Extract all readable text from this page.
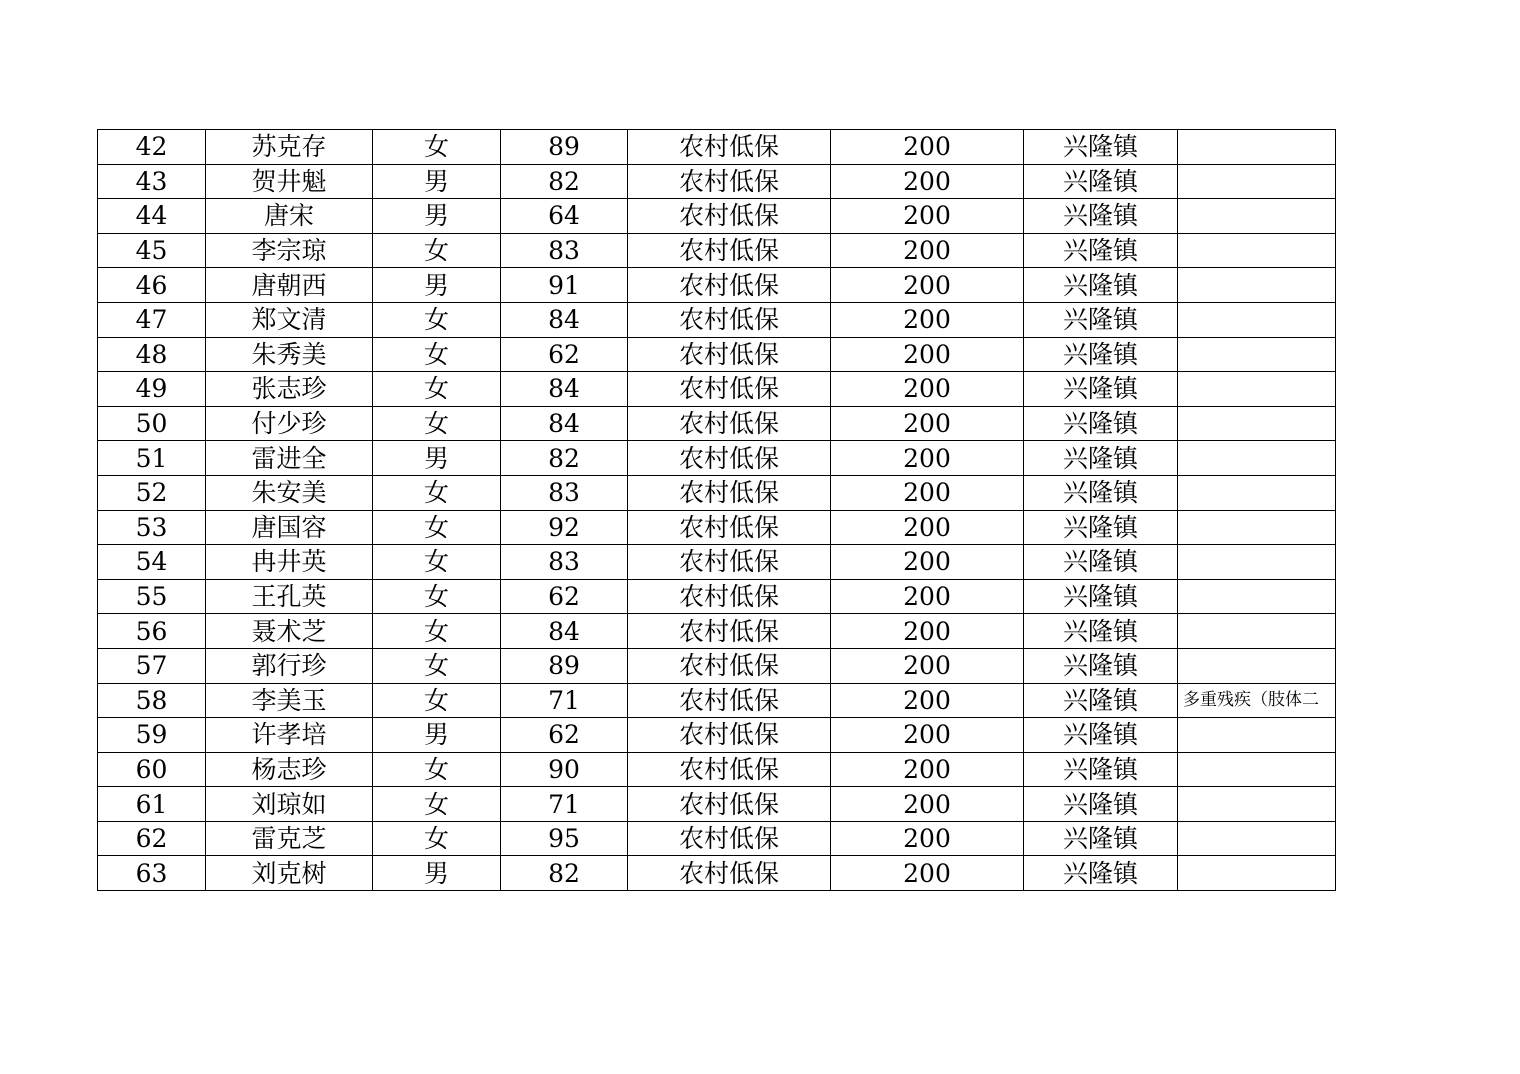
42	苏克存	女	89	农村低保	200	兴隆镇	
43	贺井魁	男	82	农村低保	200	兴隆镇	
44	唐宋	男	64	农村低保	200	兴隆镇	
45	李宗琼	女	83	农村低保	200	兴隆镇	
46	唐朝西	男	91	农村低保	200	兴隆镇	
47	郑文清	女	84	农村低保	200	兴隆镇	
48	朱秀美	女	62	农村低保	200	兴隆镇	
49	张志珍	女	84	农村低保	200	兴隆镇	
50	付少珍	女	84	农村低保	200	兴隆镇	
51	雷进全	男	82	农村低保	200	兴隆镇	
52	朱安美	女	83	农村低保	200	兴隆镇	
53	唐国容	女	92	农村低保	200	兴隆镇	
54	冉井英	女	83	农村低保	200	兴隆镇	
55	王孔英	女	62	农村低保	200	兴隆镇	
56	聂术芝	女	84	农村低保	200	兴隆镇	
57	郭行珍	女	89	农村低保	200	兴隆镇	
58	李美玉	女	71	农村低保	200	兴隆镇	多重残疾（肢体二
59	许孝培	男	62	农村低保	200	兴隆镇	
60	杨志珍	女	90	农村低保	200	兴隆镇	
61	刘琼如	女	71	农村低保	200	兴隆镇	
62	雷克芝	女	95	农村低保	200	兴隆镇	
63	刘克树	男	82	农村低保	200	兴隆镇	
